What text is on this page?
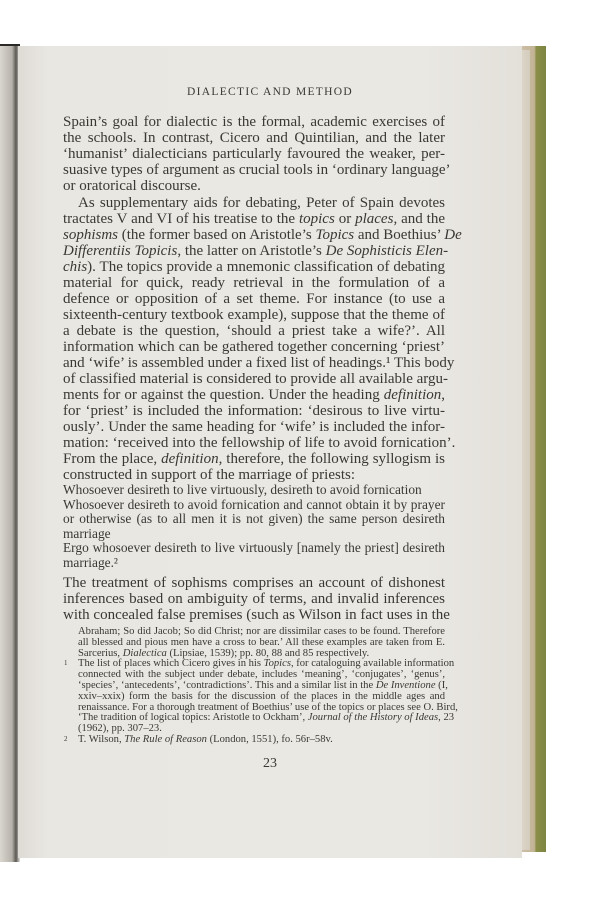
DIALECTIC AND METHOD
23
Spain’s goal for dialectic is the formal, academic exercises of
the schools. In contrast, Cicero and Quintilian, and the later
‘humanist’ dialecticians particularly favoured the weaker, per-
suasive types of argument as crucial tools in ‘ordinary language’
or oratorical discourse.
As supplementary aids for debating, Peter of Spain devotes
tractates V and VI of his treatise to the topics or places, and the
sophisms (the former based on Aristotle’s Topics and Boethius’ De
Differentiis Topicis, the latter on Aristotle’s De Sophisticis Elen-
chis). The topics provide a mnemonic classification of debating
material for quick, ready retrieval in the formulation of a
defence or opposition of a set theme. For instance (to use a
sixteenth-century textbook example), suppose that the theme of
a debate is the question, ‘should a priest take a wife?’. All
information which can be gathered together concerning ‘priest’
and ‘wife’ is assembled under a fixed list of headings.¹ This body
of classified material is considered to provide all available argu-
ments for or against the question. Under the heading definition,
for ‘priest’ is included the information: ‘desirous to live virtu-
ously’. Under the same heading for ‘wife’ is included the infor-
mation: ‘received into the fellowship of life to avoid fornication’.
From the place, definition, therefore, the following syllogism is
constructed in support of the marriage of priests:
Whosoever desireth to live virtuously, desireth to avoid fornication
Whosoever desireth to avoid fornication and cannot obtain it by prayer
or otherwise (as to all men it is not given) the same person desireth
marriage
Ergo whosoever desireth to live virtuously [namely the priest] desireth
marriage.²
The treatment of sophisms comprises an account of dishonest
inferences based on ambiguity of terms, and invalid inferences
with concealed false premises (such as Wilson in fact uses in the
Abraham; So did Jacob; So did Christ; nor are dissimilar cases to be found. Therefore
all blessed and pious men have a cross to bear.’ All these examples are taken from E.
Sarcerius, Dialectica (Lipsiae, 1539); pp. 80, 88 and 85 respectively.
The list of places which Cicero gives in his Topics, for cataloguing available information
1
connected with the subject under debate, includes ‘meaning’, ‘conjugates’, ‘genus’,
‘species’, ‘antecedents’, ‘contradictions’. This and a similar list in the De Inventione (I,
xxiv–xxix) form the basis for the discussion of the places in the middle ages and
renaissance. For a thorough treatment of Boethius’ use of the topics or places see O. Bird,
‘The tradition of logical topics: Aristotle to Ockham’, Journal of the History of Ideas, 23
(1962), pp. 307–23.
T. Wilson, The Rule of Reason (London, 1551), fo. 56r–58v.
2
